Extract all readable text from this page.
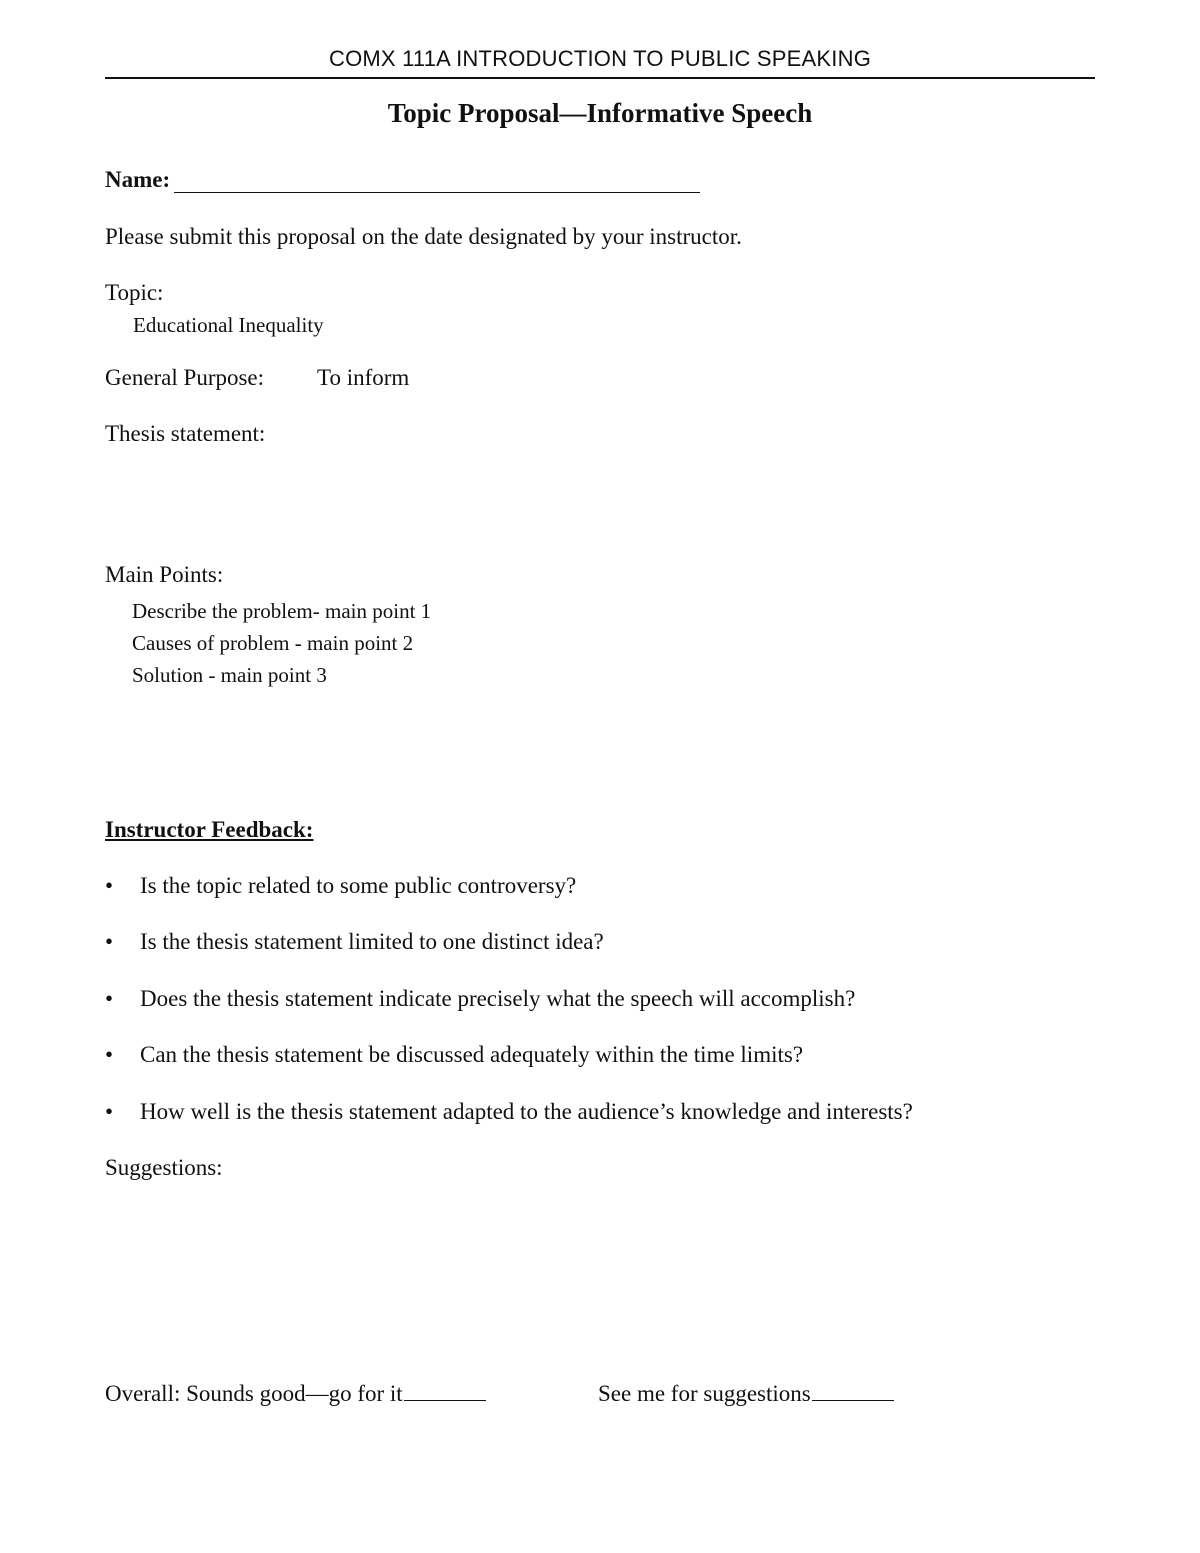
COMX 111A INTRODUCTION TO PUBLIC SPEAKING
Topic Proposal—Informative Speech
Name:
Please submit this proposal on the date designated by your instructor.
Topic:
Educational Inequality
General Purpose: To inform
Thesis statement:
Main Points:
Describe the problem- main point 1
Causes of problem - main point 2
Solution - main point 3
Instructor Feedback:
• Is the topic related to some public controversy?
• Is the thesis statement limited to one distinct idea?
• Does the thesis statement indicate precisely what the speech will accomplish?
• Can the thesis statement be discussed adequately within the time limits?
• How well is the thesis statement adapted to the audience’s knowledge and interests?
Suggestions:
Overall: Sounds good—go for it	See me for suggestions
